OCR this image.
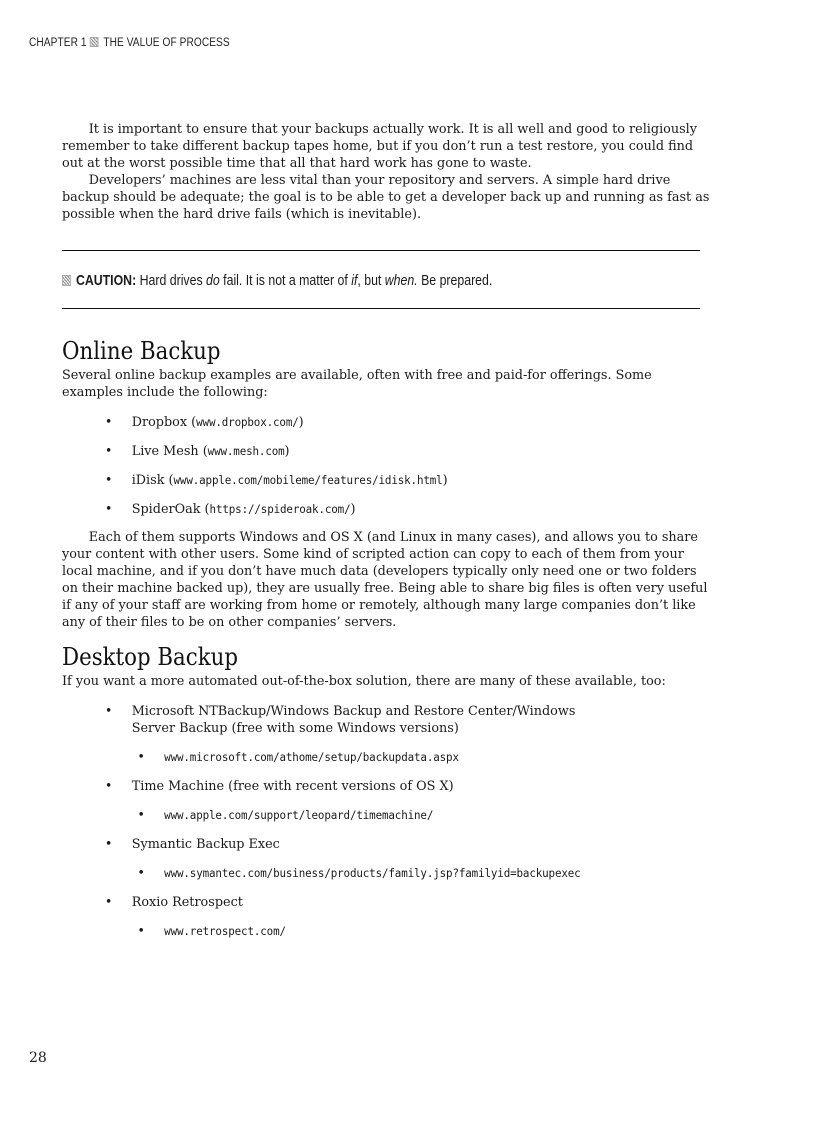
CHAPTER 1 THE VALUE OF PROCESS

It is important to ensure that your backups actually work. It is all well and good to religiously remember to take different backup tapes home, but if you don’t run a test restore, you could find out at the worst possible time that all that hard work has gone to waste.

Developers’ machines are less vital than your repository and servers. A simple hard drive backup should be adequate; the goal is to be able to get a developer back up and running as fast as possible when the hard drive fails (which is inevitable).

CAUTION: Hard drives do fail. It is not a matter of if, but when. Be prepared.
Online Backup

Several online backup examples are available, often with free and paid-for offerings. Some examples include the following:

• Dropbox (www.dropbox.com/)
• Live Mesh (www.mesh.com)
• iDisk (www.apple.com/mobileme/features/idisk.html)
• SpiderOak (https://spideroak.com/)

Each of them supports Windows and OS X (and Linux in many cases), and allows you to share your content with other users. Some kind of scripted action can copy to each of them from your local machine, and if you don’t have much data (developers typically only need one or two folders on their machine backed up), they are usually free. Being able to share big files is often very useful if any of your staff are working from home or remotely, although many large companies don’t like any of their files to be on other companies’ servers.

Desktop Backup

If you want a more automated out-of-the-box solution, there are many of these available, too:

• Microsoft NTBackup/Windows Backup and Restore Center/Windows Server Backup (free with some Windows versions)
• www.microsoft.com/athome/setup/backupdata.aspx
• Time Machine (free with recent versions of OS X)
• www.apple.com/support/leopard/timemachine/
• Symantic Backup Exec
• www.symantec.com/business/products/family.jsp?familyid=backupexec
• Roxio Retrospect
• www.retrospect.com/
28
